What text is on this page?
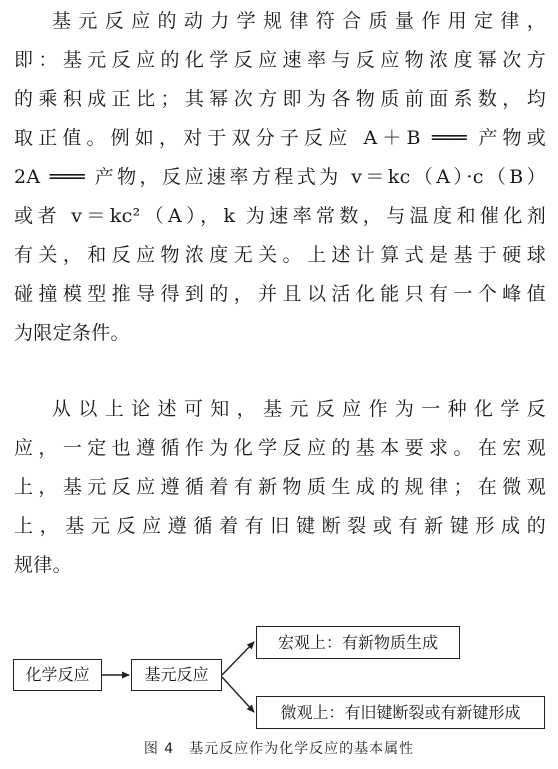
基元反应的动力学规律符合质量作用定律，
即：基元反应的化学反应速率与反应物浓度幂次方
的乘积成正比；其幂次方即为各物质前面系数，均
取正值。例如，对于双分子反应 A＋B ═══ 产物或
2A ═══ 产物，反应速率方程式为 v＝kc（A）·c（B）
或者 v＝kc²（A），k 为速率常数，与温度和催化剂
有关，和反应物浓度无关。上述计算式是基于硬球
碰撞模型推导得到的，并且以活化能只有一个峰值
为限定条件。
从以上论述可知，基元反应作为一种化学反
应，一定也遵循作为化学反应的基本要求。在宏观
上，基元反应遵循着有新物质生成的规律；在微观
上，基元反应遵循着有旧键断裂或有新键形成的
规律。
化学反应	基元反应
宏观上：有新物质生成
微观上：有旧键断裂或有新键形成
图 4　基元反应作为化学反应的基本属性
